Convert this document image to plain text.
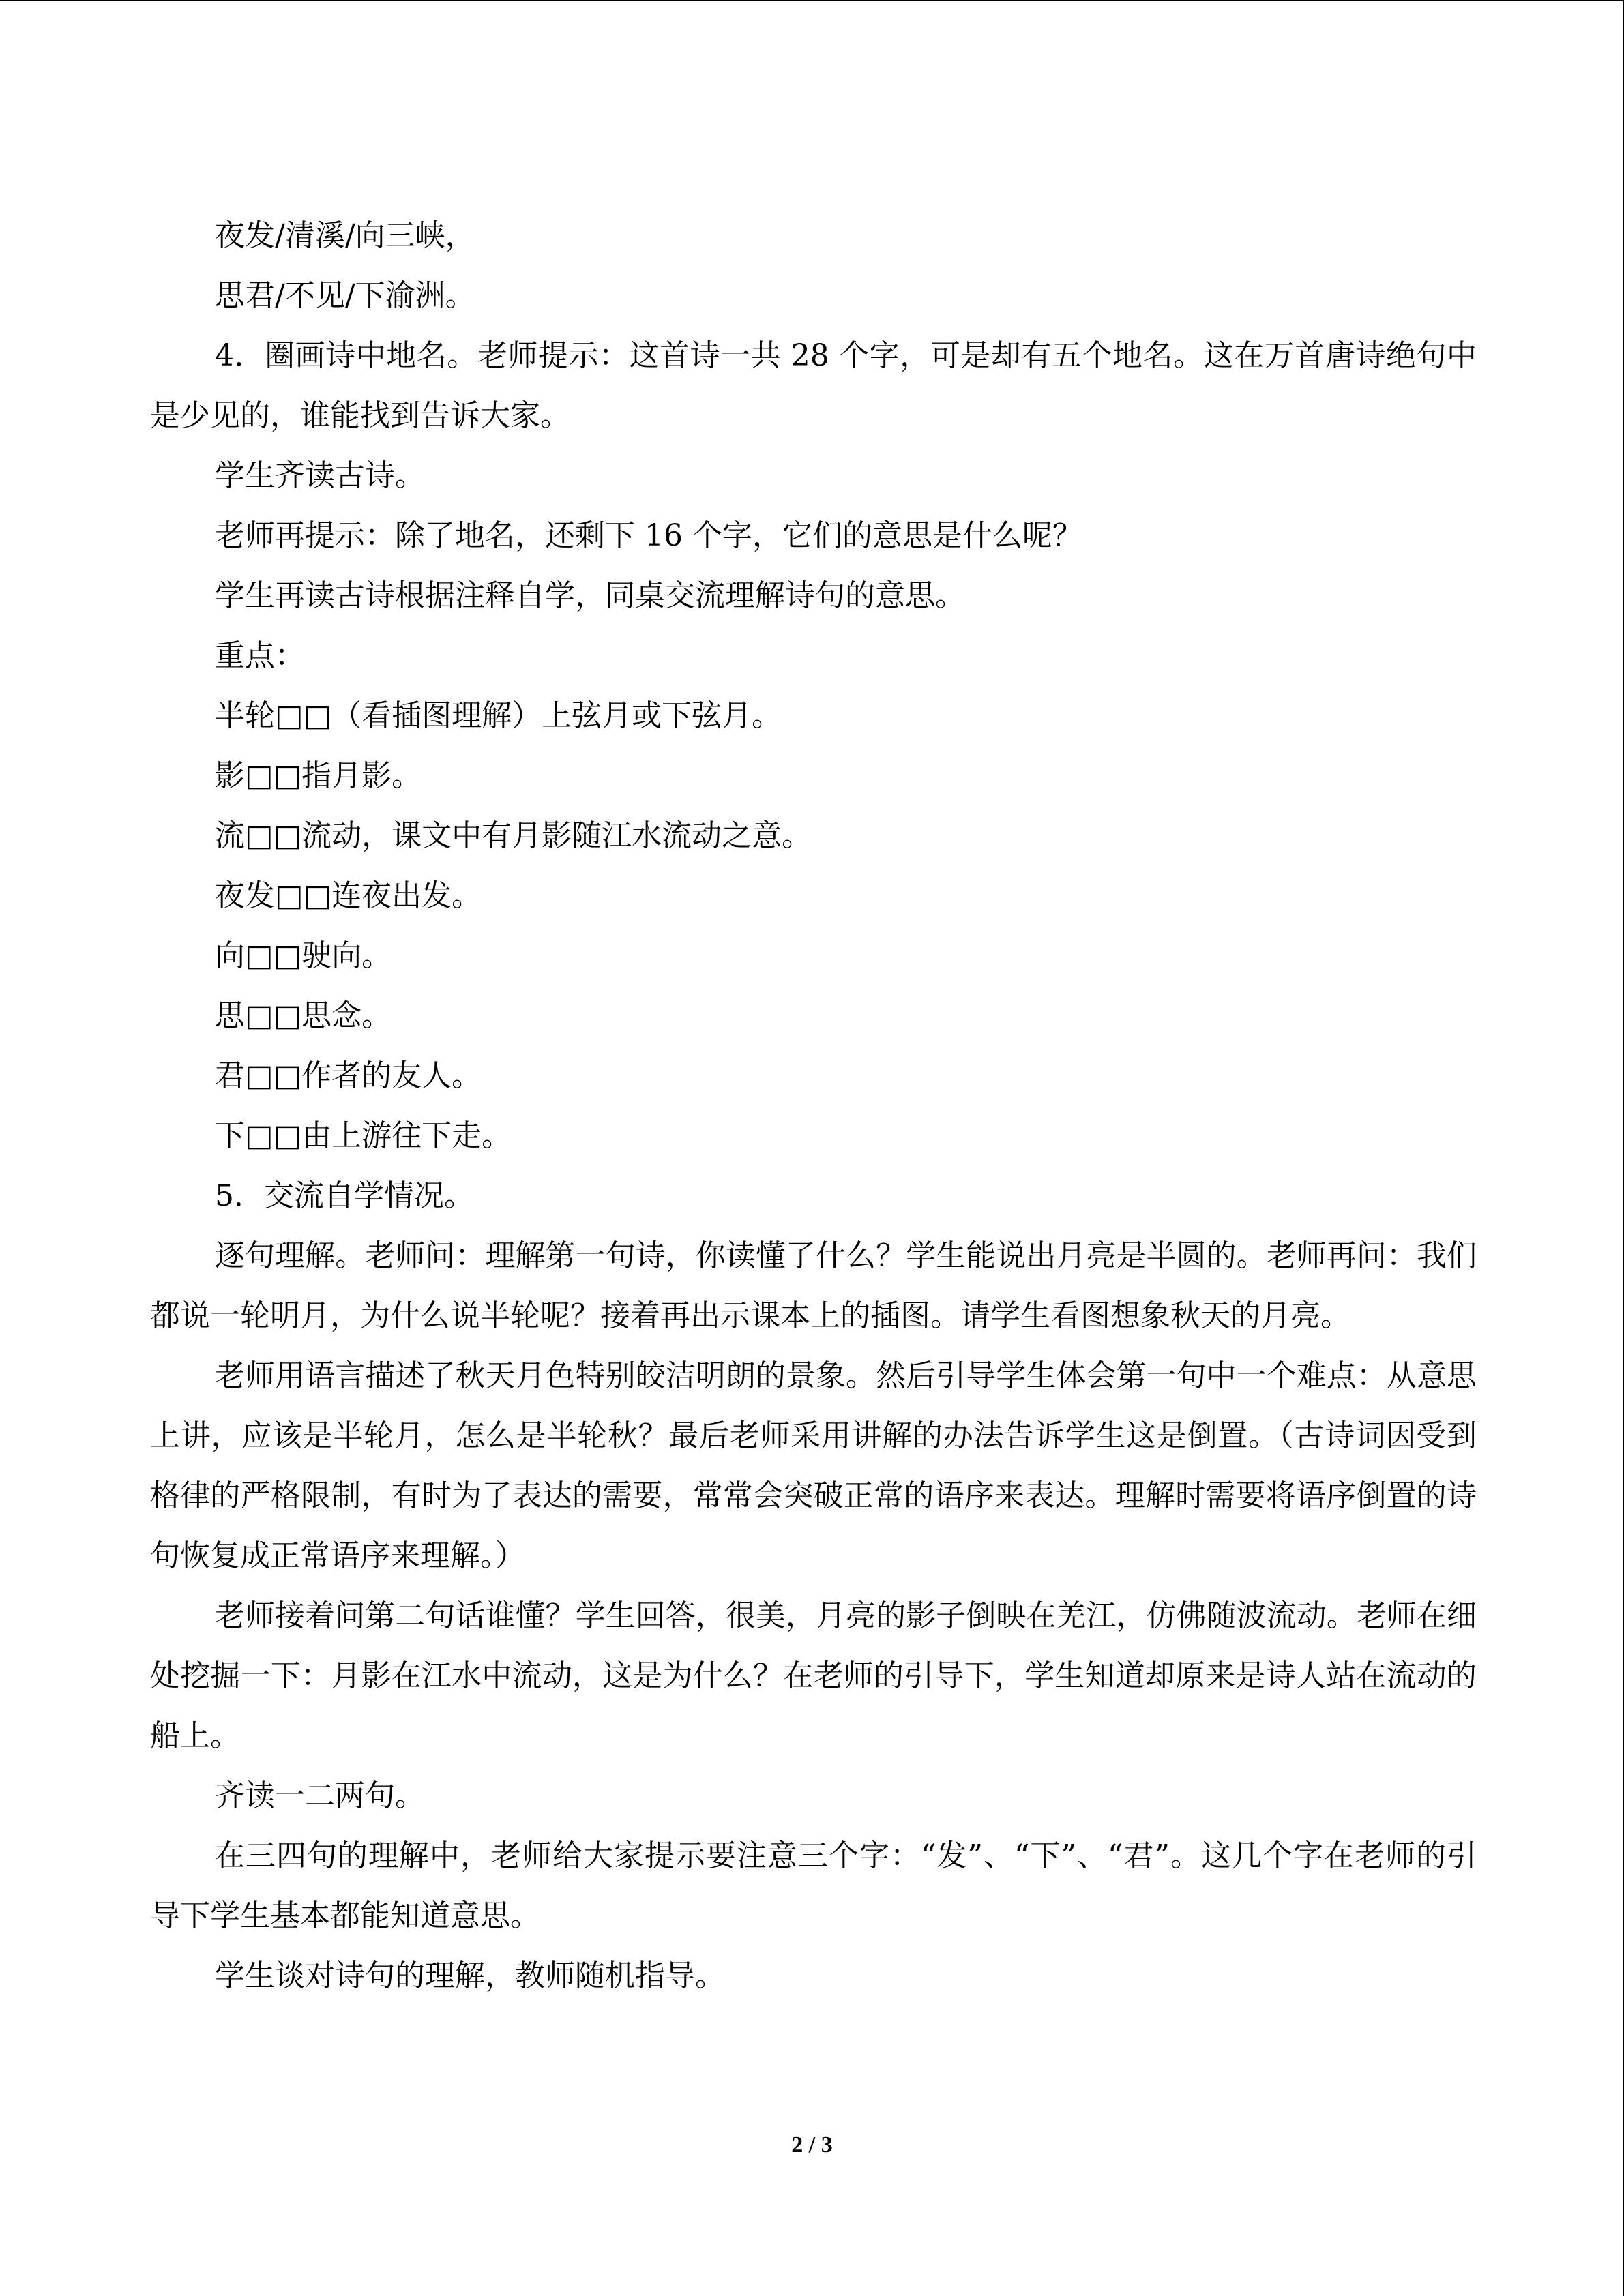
夜发/清溪/向三峡，

思君/不见/下渝洲。

4．圈画诗中地名。老师提示：这首诗一共 28 个字，可是却有五个地名。这在万首唐诗绝句中是少见的，谁能找到告诉大家。

学生齐读古诗。

老师再提示：除了地名，还剩下 16 个字，它们的意思是什么呢？

学生再读古诗根据注释自学，同桌交流理解诗句的意思。

重点：

半轮□□（看插图理解）上弦月或下弦月。

影□□指月影。

流□□流动，课文中有月影随江水流动之意。

夜发□□连夜出发。

向□□驶向。

思□□思念。

君□□作者的友人。

下□□由上游往下走。

5．交流自学情况。

逐句理解。老师问：理解第一句诗，你读懂了什么？学生能说出月亮是半圆的。老师再问：我们都说一轮明月，为什么说半轮呢？接着再出示课本上的插图。请学生看图想象秋天的月亮。

老师用语言描述了秋天月色特别皎洁明朗的景象。然后引导学生体会第一句中一个难点：从意思上讲，应该是半轮月，怎么是半轮秋？最后老师采用讲解的办法告诉学生这是倒置。（古诗词因受到格律的严格限制，有时为了表达的需要，常常会突破正常的语序来表达。理解时需要将语序倒置的诗句恢复成正常语序来理解。）

老师接着问第二句话谁懂？学生回答，很美，月亮的影子倒映在羌江，仿佛随波流动。老师在细处挖掘一下：月影在江水中流动，这是为什么？在老师的引导下，学生知道却原来是诗人站在流动的船上。

齐读一二两句。

在三四句的理解中，老师给大家提示要注意三个字：“发”、“下”、“君”。这几个字在老师的引导下学生基本都能知道意思。

学生谈对诗句的理解，教师随机指导。

2 / 3
